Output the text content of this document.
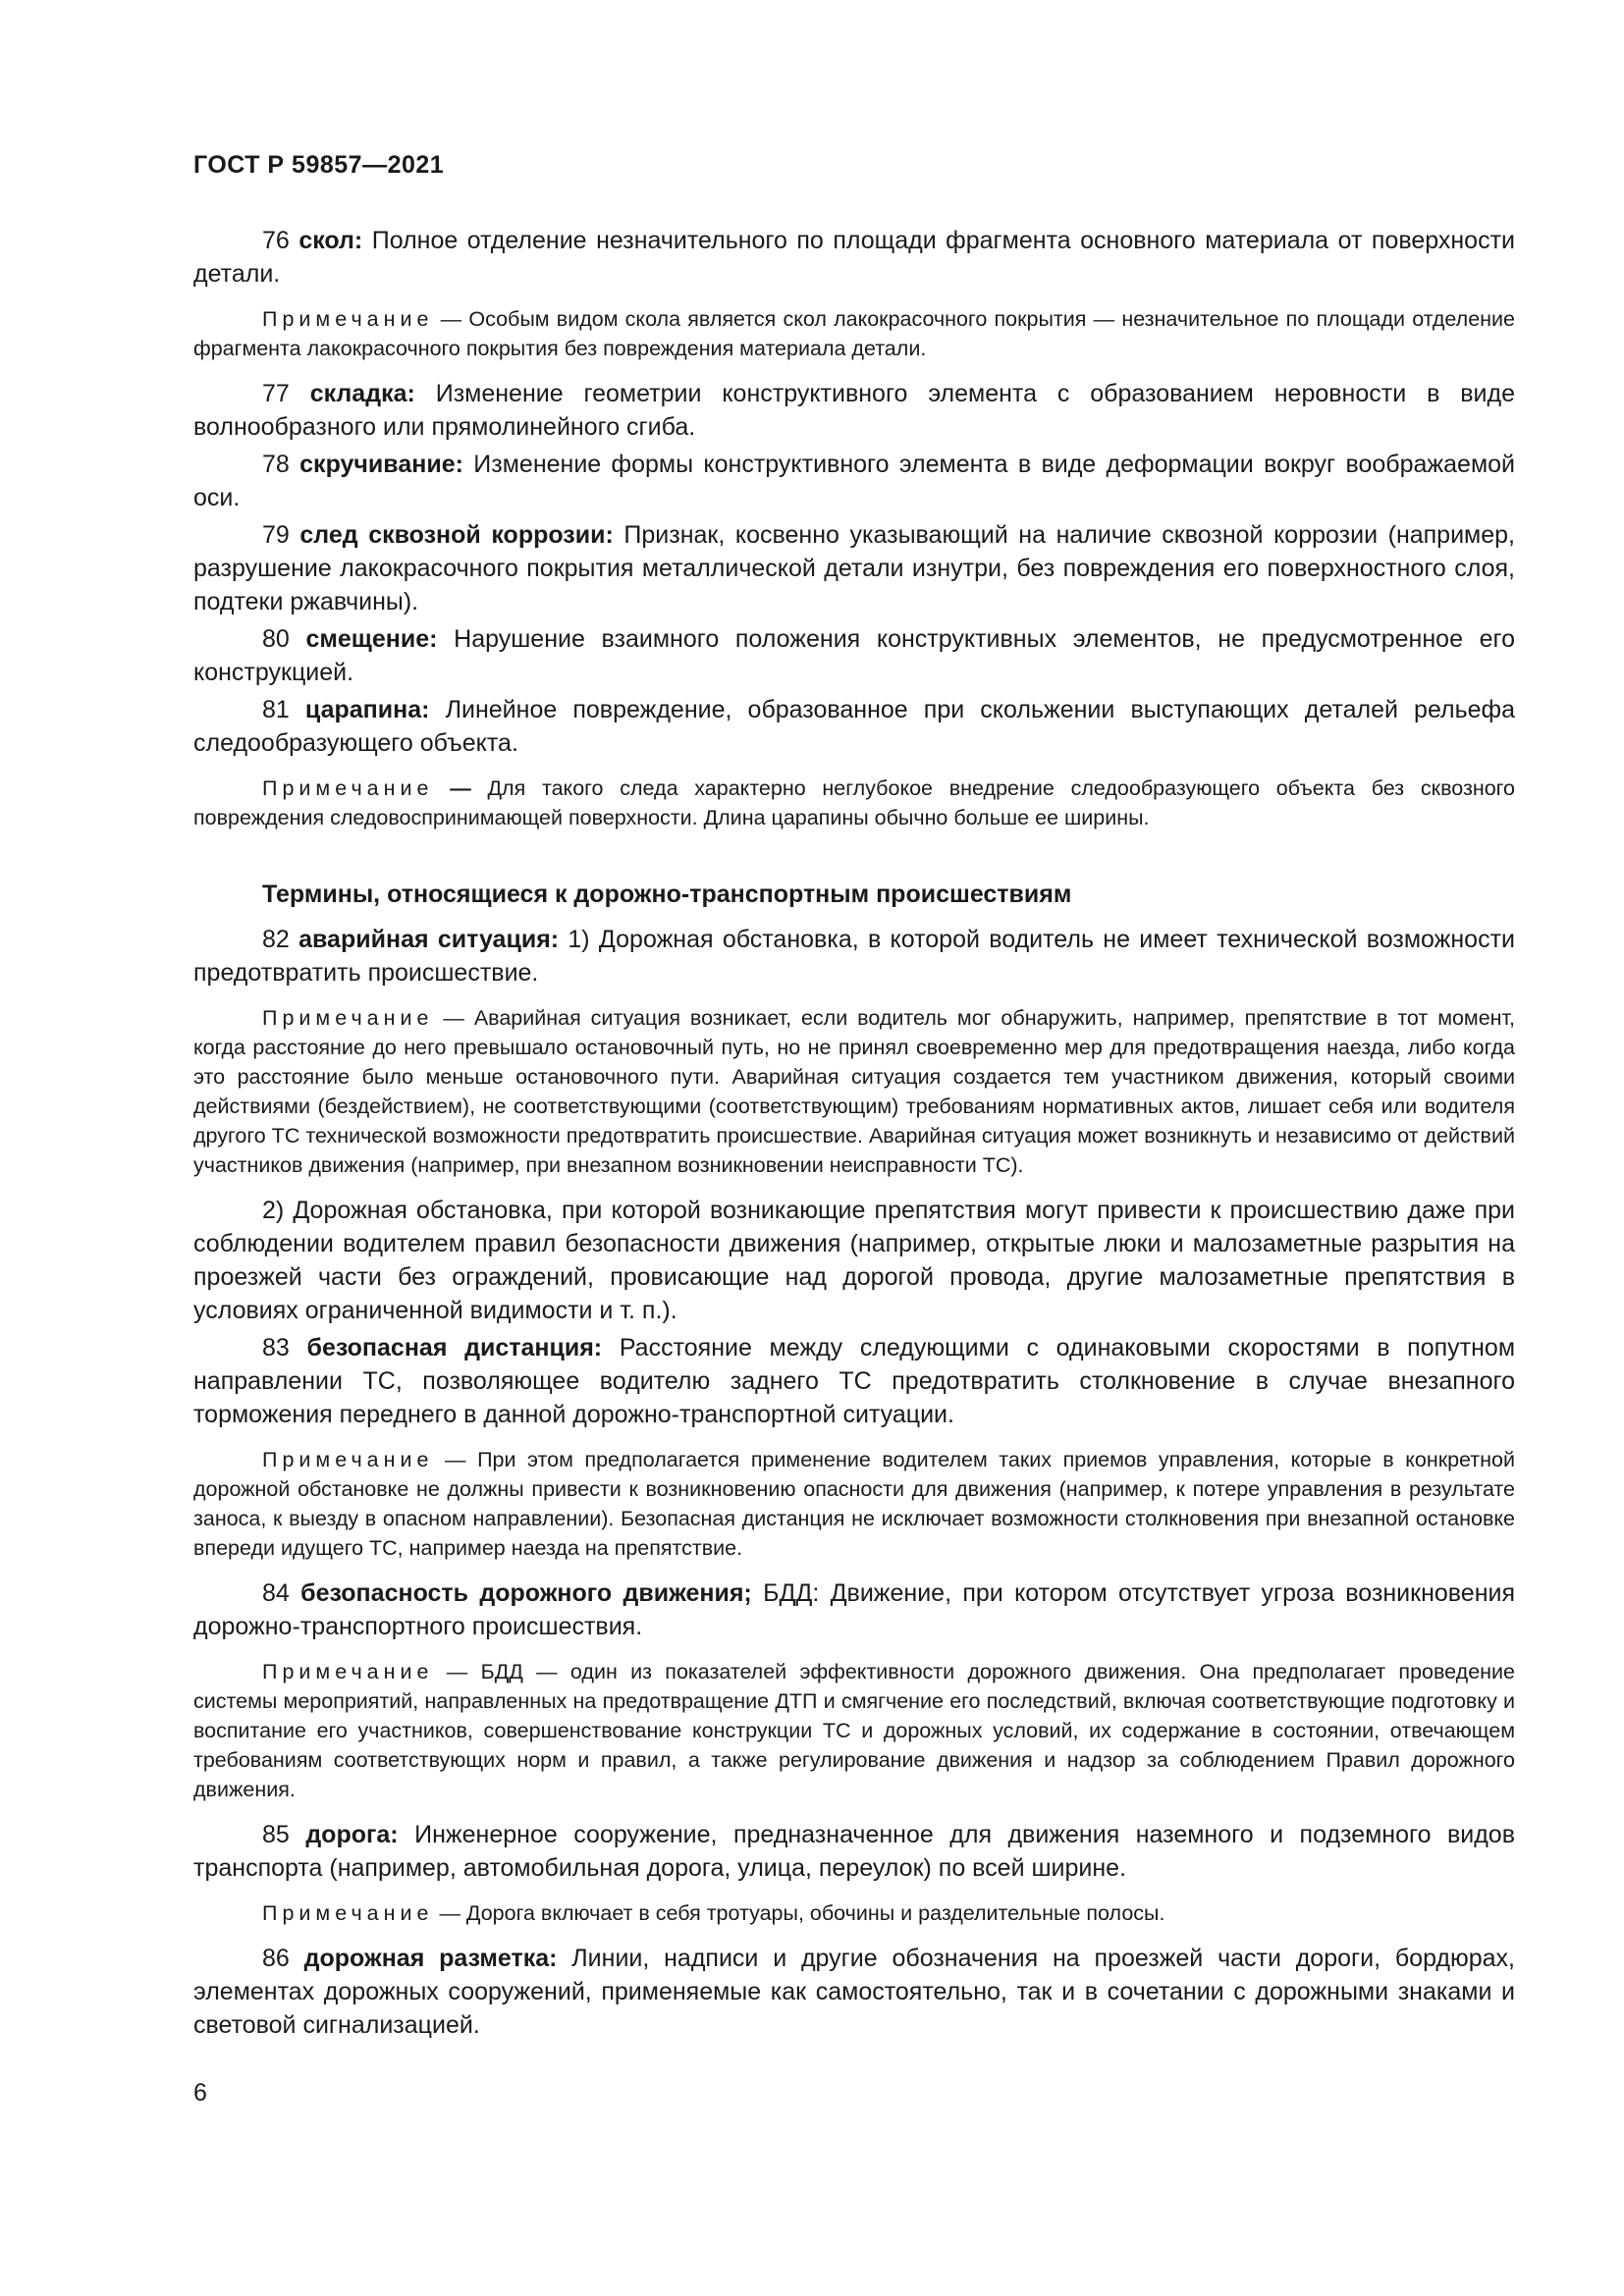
ГОСТ Р 59857—2021

76 скол: Полное отделение незначительного по площади фрагмента основного материала от поверхности детали.

Примечание — Особым видом скола является скол лакокрасочного покрытия — незначительное по площади отделение фрагмента лакокрасочного покрытия без повреждения материала детали.

77 складка: Изменение геометрии конструктивного элемента с образованием неровности в виде волнообразного или прямолинейного сгиба.

78 скручивание: Изменение формы конструктивного элемента в виде деформации вокруг воображаемой оси.

79 след сквозной коррозии: Признак, косвенно указывающий на наличие сквозной коррозии (например, разрушение лакокрасочного покрытия металлической детали изнутри, без повреждения его поверхностного слоя, подтеки ржавчины).

80 смещение: Нарушение взаимного положения конструктивных элементов, не предусмотренное его конструкцией.

81 царапина: Линейное повреждение, образованное при скольжении выступающих деталей рельефа следообразующего объекта.

Примечание — Для такого следа характерно неглубокое внедрение следообразующего объекта без сквозного повреждения следовоспринимающей поверхности. Длина царапины обычно больше ее ширины.

Термины, относящиеся к дорожно-транспортным происшествиям

82 аварийная ситуация: 1) Дорожная обстановка, в которой водитель не имеет технической возможности предотвратить происшествие.

Примечание — Аварийная ситуация возникает, если водитель мог обнаружить, например, препятствие в тот момент, когда расстояние до него превышало остановочный путь, но не принял своевременно мер для предотвращения наезда, либо когда это расстояние было меньше остановочного пути. Аварийная ситуация создается тем участником движения, который своими действиями (бездействием), не соответствующими (соответствующим) требованиям нормативных актов, лишает себя или водителя другого ТС технической возможности предотвратить происшествие. Аварийная ситуация может возникнуть и независимо от действий участников движения (например, при внезапном возникновении неисправности ТС).

2) Дорожная обстановка, при которой возникающие препятствия могут привести к происшествию даже при соблюдении водителем правил безопасности движения (например, открытые люки и малозаметные разрытия на проезжей части без ограждений, провисающие над дорогой провода, другие малозаметные препятствия в условиях ограниченной видимости и т. п.).

83 безопасная дистанция: Расстояние между следующими с одинаковыми скоростями в попутном направлении ТС, позволяющее водителю заднего ТС предотвратить столкновение в случае внезапного торможения переднего в данной дорожно-транспортной ситуации.

Примечание — При этом предполагается применение водителем таких приемов управления, которые в конкретной дорожной обстановке не должны привести к возникновению опасности для движения (например, к потере управления в результате заноса, к выезду в опасном направлении). Безопасная дистанция не исключает возможности столкновения при внезапной остановке впереди идущего ТС, например наезда на препятствие.

84 безопасность дорожного движения; БДД: Движение, при котором отсутствует угроза возникновения дорожно-транспортного происшествия.

Примечание — БДД — один из показателей эффективности дорожного движения. Она предполагает проведение системы мероприятий, направленных на предотвращение ДТП и смягчение его последствий, включая соответствующие подготовку и воспитание его участников, совершенствование конструкции ТС и дорожных условий, их содержание в состоянии, отвечающем требованиям соответствующих норм и правил, а также регулирование движения и надзор за соблюдением Правил дорожного движения.

85 дорога: Инженерное сооружение, предназначенное для движения наземного и подземного видов транспорта (например, автомобильная дорога, улица, переулок) по всей ширине.

Примечание — Дорога включает в себя тротуары, обочины и разделительные полосы.

86 дорожная разметка: Линии, надписи и другие обозначения на проезжей части дороги, бордюрах, элементах дорожных сооружений, применяемые как самостоятельно, так и в сочетании с дорожными знаками и световой сигнализацией.

6
